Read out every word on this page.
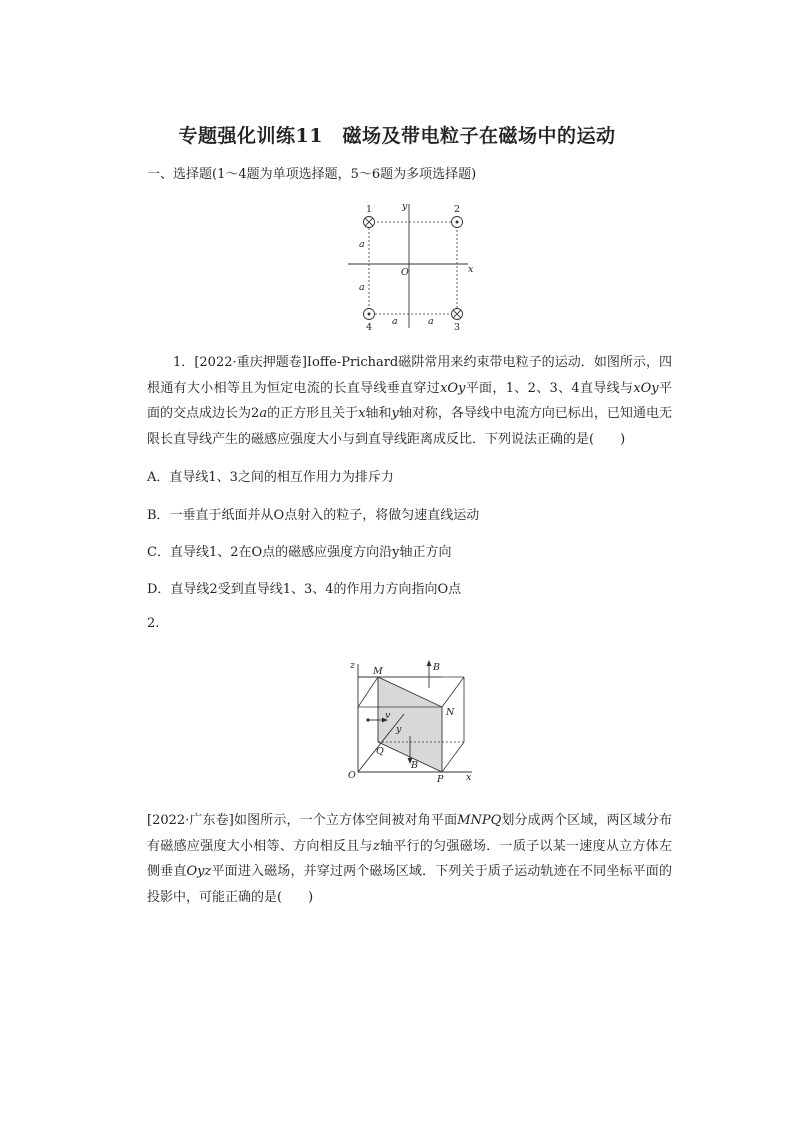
专题强化训练11　磁场及带电粒子在磁场中的运动
一、选择题(1～4题为单项选择题，5～6题为多项选择题)
1	2
3
4
x
y
O
a
a
a	a
1．[2022·重庆押题卷]Ioffe-Prichard磁阱常用来约束带电粒子的运动．如图所示，四根通有大小相等且为恒定电流的长直导线垂直穿过xOy平面，1、2、3、4直导线与xOy平面的交点成边长为2a的正方形且关于x轴和y轴对称，各导线中电流方向已标出，已知通电无限长直导线产生的磁感应强度大小与到直导线距离成反比．下列说法正确的是(　　)
A．直导线1、3之间的相互作用力为排斥力
B．一垂直于纸面并从O点射入的粒子，将做匀速直线运动
C．直导线1、2在O点的磁感应强度方向沿y轴正方向
D．直导线2受到直导线1、3、4的作用力方向指向O点
2.
z
M	B
N
v
y
Q
B
O	P x
[2022·广东卷]如图所示，一个立方体空间被对角平面MNPQ划分成两个区域，两区域分布有磁感应强度大小相等、方向相反且与z轴平行的匀强磁场．一质子以某一速度从立方体左侧垂直Oyz平面进入磁场，并穿过两个磁场区域．下列关于质子运动轨迹在不同坐标平面的投影中，可能正确的是(　　)
